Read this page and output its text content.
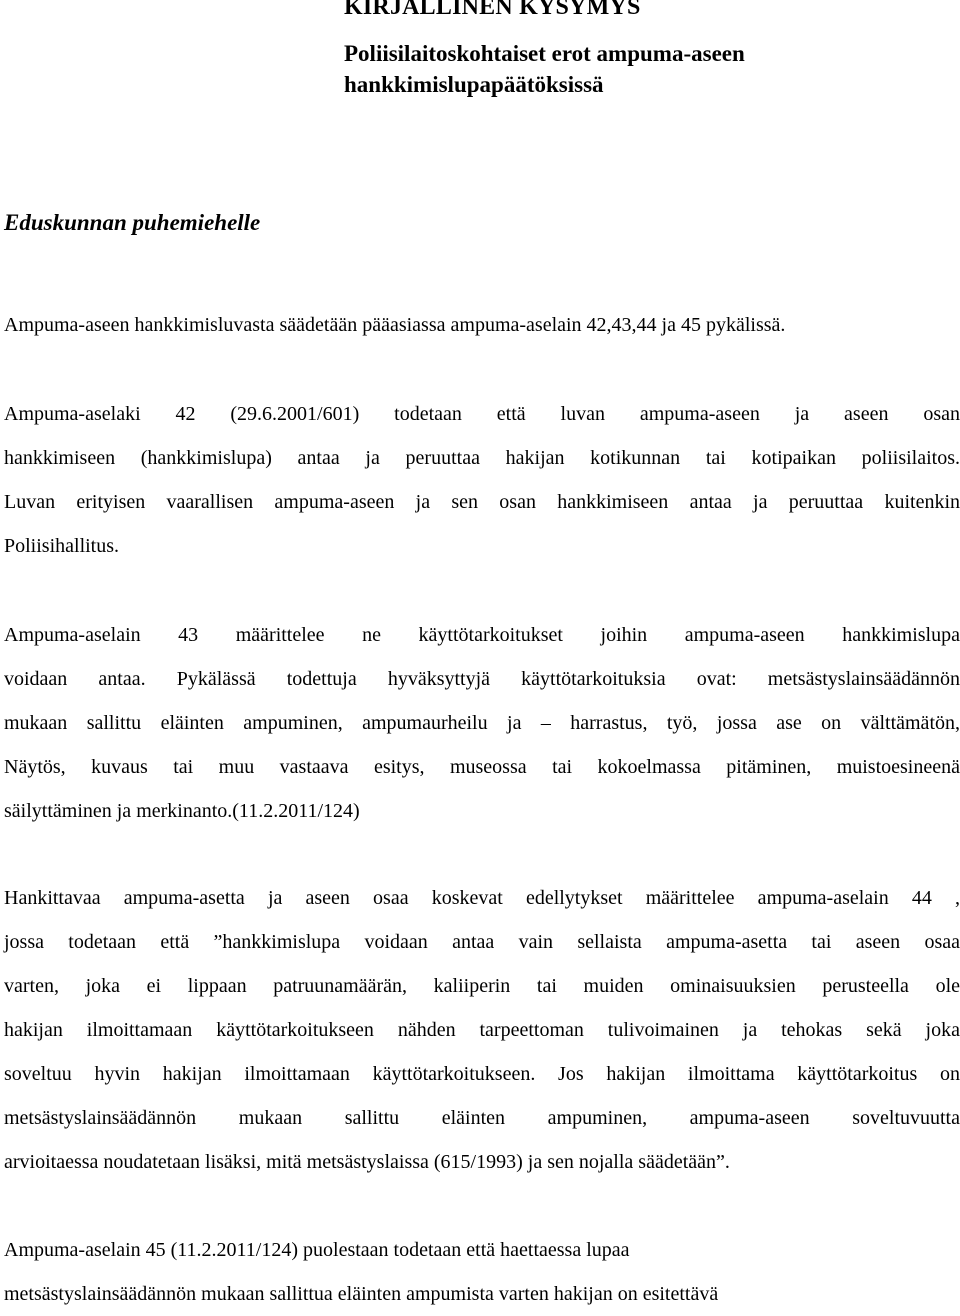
KIRJALLINEN KYSYMYS
Poliisilaitoskohtaiset erot ampuma-aseen
hankkimislupapäätöksissä
Eduskunnan puhemiehelle

Ampuma-aseen hankkimisluvasta säädetään pääasiassa ampuma-aselain 42,43,44 ja 45 pykälissä.

Ampuma-aselaki 42 (29.6.2001/601) todetaan että luvan ampuma-aseen ja aseen osan
hankkimiseen (hankkimislupa) antaa ja peruuttaa hakijan kotikunnan tai kotipaikan poliisilaitos.
Luvan erityisen vaarallisen ampuma-aseen ja sen osan hankkimiseen antaa ja peruuttaa kuitenkin
Poliisihallitus.

Ampuma-aselain 43 määrittelee ne käyttötarkoitukset joihin ampuma-aseen hankkimislupa
voidaan antaa. Pykälässä todettuja hyväksyttyjä käyttötarkoituksia ovat: metsästyslainsäädännön
mukaan sallittu eläinten ampuminen, ampumaurheilu ja – harrastus, työ, jossa ase on välttämätön,
Näytös, kuvaus tai muu vastaava esitys, museossa tai kokoelmassa pitäminen, muistoesineenä
säilyttäminen ja merkinanto.(11.2.2011/124)

Hankittavaa ampuma-asetta ja aseen osaa koskevat edellytykset määrittelee ampuma-aselain 44 ,
jossa todetaan että ”hankkimislupa voidaan antaa vain sellaista ampuma-asetta tai aseen osaa
varten, joka ei lippaan patruunamäärän, kaliiperin tai muiden ominaisuuksien perusteella ole
hakijan ilmoittamaan käyttötarkoitukseen nähden tarpeettoman tulivoimainen ja tehokas sekä joka
soveltuu hyvin hakijan ilmoittamaan käyttötarkoitukseen. Jos hakijan ilmoittama käyttötarkoitus on
metsästyslainsäädännön mukaan sallittu eläinten ampuminen, ampuma-aseen soveltuvuutta
arvioitaessa noudatetaan lisäksi, mitä metsästyslaissa (615/1993) ja sen nojalla säädetään”.

Ampuma-aselain 45 (11.2.2011/124) puolestaan todetaan että haettaessa lupaa
metsästyslainsäädännön mukaan sallittua eläinten ampumista varten hakijan on esitettävä
